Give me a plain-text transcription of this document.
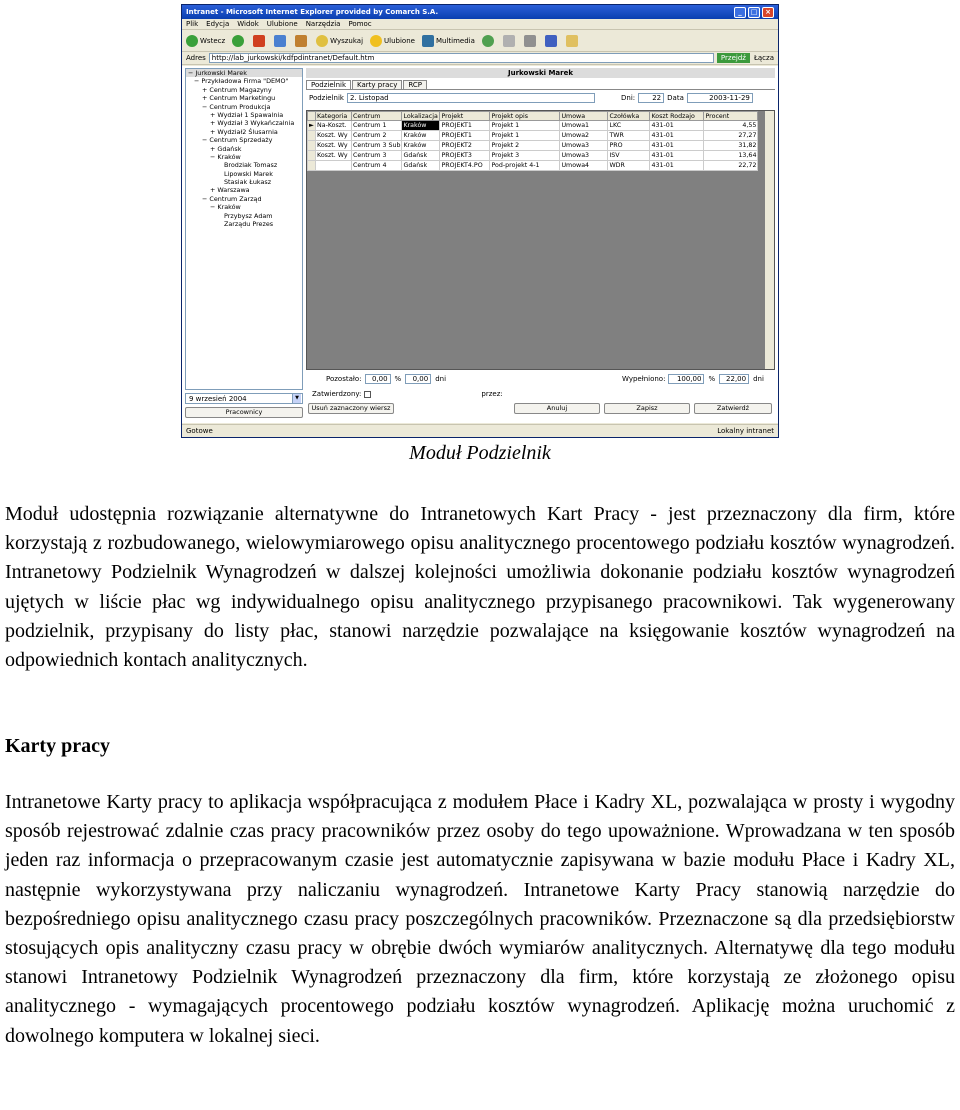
Intranet - Microsoft Internet Explorer provided by Comarch S.A.	_	□	×
Plik Edycja Widok Ulubione Narzędzia Pomoc
Wstecz	Wyszukaj	Ulubione	Multimedia
Adres http://lab_jurkowski/kdfpdintranet/Default.htm	Przejdź	Łącza
− Jurkowski Marek
− Przykładowa Firma "DEMO"
+ Centrum Magazyny
+ Centrum Marketingu
− Centrum Produkcja
+ Wydział 1 Spawalnia
+ Wydział 3 Wykańczalnia
+ Wydział2 Ślusarnia
− Centrum Sprzedaży
+ Gdańsk
− Kraków
Brodziak Tomasz
Lipowski Marek
Stasiak Łukasz
+ Warszawa
− Centrum Zarząd
− Kraków
Przybysz Adam
Zarządu Prezes
9 wrzesień 2004	▼
Pracownicy
Jurkowski Marek
Podzielnik	Karty pracy	RCP
Podzielnik 2. Listopad	Dni:	22 Data	2003-11-29
	Kategoria	Centrum	Lokalizacja	Projekt	Projekt opis	Umowa	Czołówka	Koszt Rodzajo	Procent
►	Na-Koszt.	Centrum 1	Kraków	PROJEKT1	Projekt 1	Umowa1	LKC	431-01	4,55
	Koszt. Wy	Centrum 2	Kraków	PROJEKT1	Projekt 1	Umowa2	TWR	431-01	27,27
	Koszt. Wy	Centrum 3 Sub	Kraków	PROJEKT2	Projekt 2	Umowa3	PRO	431-01	31,82
	Koszt. Wy	Centrum 3	Gdańsk	PROJEKT3	Projekt 3	Umowa3	ISV	431-01	13,64
		Centrum 4	Gdańsk	PROJEKT4.PO	Pod-projekt 4-1	Umowa4	WDR	431-01	22,72
Pozostało:	0,00	%	0,00	dni	Wypełniono:	100,00	%	22,00	dni
Zatwierdzony:	przez:
Usuń zaznaczony wiersz	Anuluj	Zapisz	Zatwierdź
Gotowe	Lokalny intranet
Moduł Podzielnik

Moduł udostępnia rozwiązanie alternatywne do Intranetowych Kart Pracy - jest przeznaczony dla firm, które korzystają z rozbudowanego, wielowymiarowego opisu analitycznego procentowego podziału kosztów wynagrodzeń. Intranetowy Podzielnik Wynagrodzeń w dalszej kolejności umożliwia dokonanie podziału kosztów wynagrodzeń ujętych w liście płac wg indywidualnego opisu analitycznego przypisanego pracownikowi. Tak wygenerowany podzielnik, przypisany do listy płac, stanowi narzędzie pozwalające na księgowanie kosztów wynagrodzeń na odpowiednich kontach analitycznych.

Karty pracy

Intranetowe Karty pracy to aplikacja współpracująca z modułem Płace i Kadry XL, pozwalająca w prosty i wygodny sposób rejestrować zdalnie czas pracy pracowników przez osoby do tego upoważnione. Wprowadzana w ten sposób jeden raz informacja o przepracowanym czasie jest automatycznie zapisywana w bazie modułu Płace i Kadry XL, następnie wykorzystywana przy naliczaniu wynagrodzeń. Intranetowe Karty Pracy stanowią narzędzie do bezpośredniego opisu analitycznego czasu pracy poszczególnych pracowników. Przeznaczone są dla przedsiębiorstw stosujących opis analityczny czasu pracy w obrębie dwóch wymiarów analitycznych. Alternatywę dla tego modułu stanowi Intranetowy Podzielnik Wynagrodzeń przeznaczony dla firm, które korzystają ze złożonego opisu analitycznego - wymagających procentowego podziału kosztów wynagrodzeń. Aplikację można uruchomić z dowolnego komputera w lokalnej sieci.
